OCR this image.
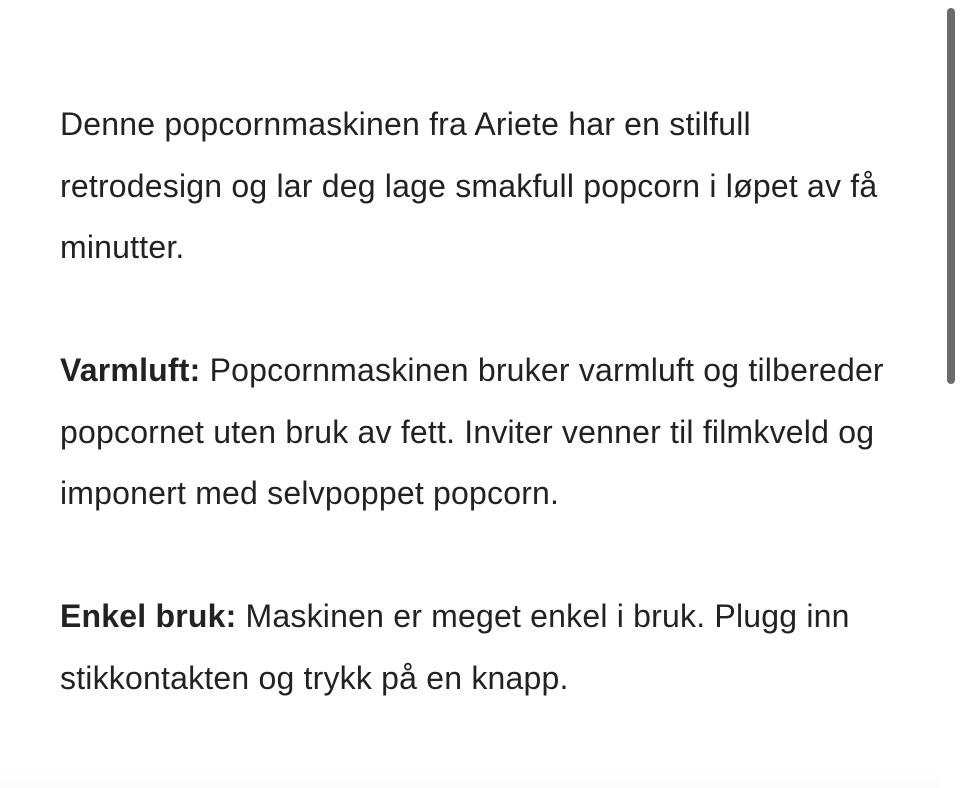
Denne popcornmaskinen fra Ariete har en stilfull retrodesign og lar deg lage smakfull popcorn i løpet av få minutter.

Varmluft: Popcornmaskinen bruker varmluft og tilbereder popcornet uten bruk av fett. Inviter venner til filmkveld og imponert med selvpoppet popcorn.

Enkel bruk: Maskinen er meget enkel i bruk. Plugg inn stikkontakten og trykk på en knapp.
